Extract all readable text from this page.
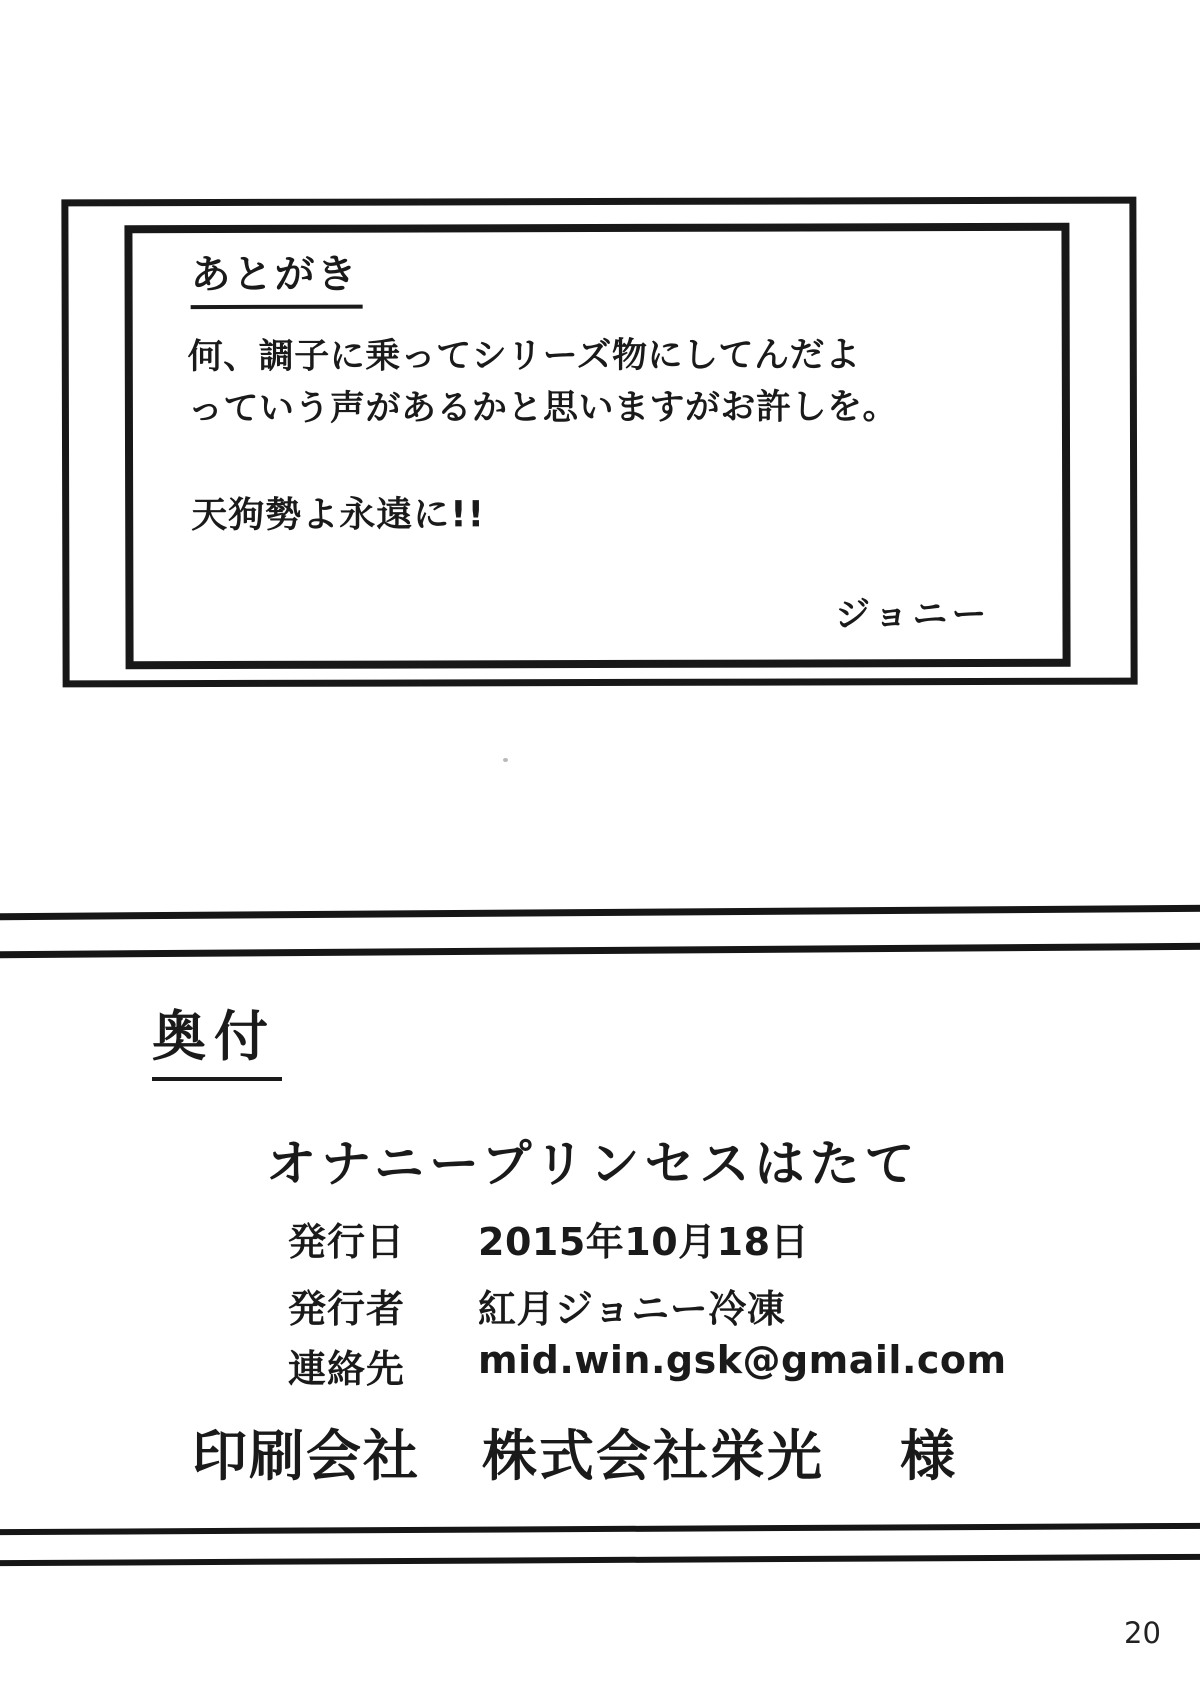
あとがき
何、調子に乗ってシリーズ物にしてんだよ
っていう声があるかと思いますがお許しを。
天狗勢よ永遠に!!
ジョニー
奥付
オナニープリンセスはたて
発行日	2015年10月18日
発行者	紅月ジョニー冷凍
連絡先	mid.win.gsk@gmail.com
印刷会社 株式会社栄光 様
20
